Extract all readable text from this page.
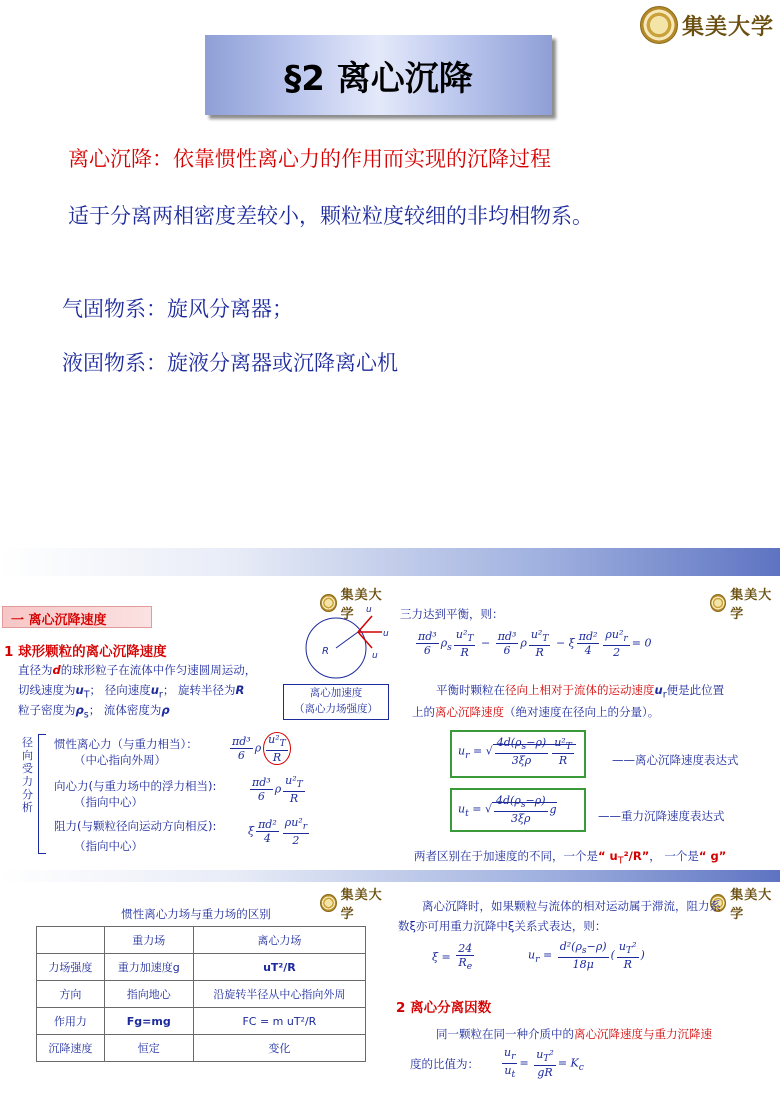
集美大学
§2 离心沉降
离心沉降：依靠惯性离心力的作用而实现的沉降过程
适于分离两相密度差较小，颗粒粒度较细的非均相物系。
气固物系：旋风分离器；
液固物系：旋液分离器或沉降离心机
集美大学
一 离心沉降速度
1 球形颗粒的离心沉降速度	R
u
u
u
直径为d的球形粒子在流体中作匀速圆周运动，
切线速度为$u_T$； 径向速度$u_r$； 旋转半径为R
粒子密度为$\rho_s$； 流体密度为ρ
离心加速度
（离心力场强度）
径向受力分析
惯性离心力（与重力相当）：
（中心指向外周）	$\frac{\text{πd³}}{6}$ ρ $\frac{u^2_T}{R}$
向心力(与重力场中的浮力相当):
（指向中心）	$\frac{\text{πd³}}{6}$ ρ $\frac{u^2_T}{R}$
阻力(与颗粒径向运动方向相反):
（指向中心）
ξ $\frac{\text{πd²}}{4} \frac{\rho u^2_r}{2}$
集美大学
三力达到平衡，则：
$\frac{\text{πd³}}{6} \rho_s \frac{u^2_T}{R} - \frac{\text{πd³}}{6}$ ρ $\frac{u^2_T}{R} - \xi \frac{\text{πd²}}{4} \frac{\rho u^2_r}{2} = 0$
平衡时颗粒在径向上相对于流体的运动速度$u_r$便是此位置
上的离心沉降速度（绝对速度在径向上的分量）。
$u_r$ = √ $\frac{4d(\rho_s-\rho)}{3\xi\rho} \frac{u^2_T}{R}$	——离心沉降速度表达式
$u_t$ = √ $\frac{4d(\rho_s-\rho)}{3\xi\rho}$ g	——重力沉降速度表达式
两者区别在于加速度的不同，一个是“ $u_T^2/R$”， 一个是“ g”
集美大学
惯性离心力场与重力场的区别
	重力场	离心力场
力场强度	重力加速度g	uT²/R
方向	指向地心	沿旋转半径从中心指向外周
作用力	Fg=mg	FC = m uT²/R
沉降速度	恒定	变化
集美大学
离心沉降时，如果颗粒与流体的相对运动属于滞流，阻力系
数ξ亦可用重力沉降中ξ关系式表达，则：
$\xi = \frac{24}{R_e}$	$u_r = \frac{d^2(\rho_s-\rho)}{18\mu}$ ( $\frac{u_T^2}{R}$ )
2 离心分离因数
同一颗粒在同一种介质中的离心沉降速度与重力沉降速
度的比值为： $\frac{u_r}{u_t} = \frac{u_T^2}{gR} = K_c$
